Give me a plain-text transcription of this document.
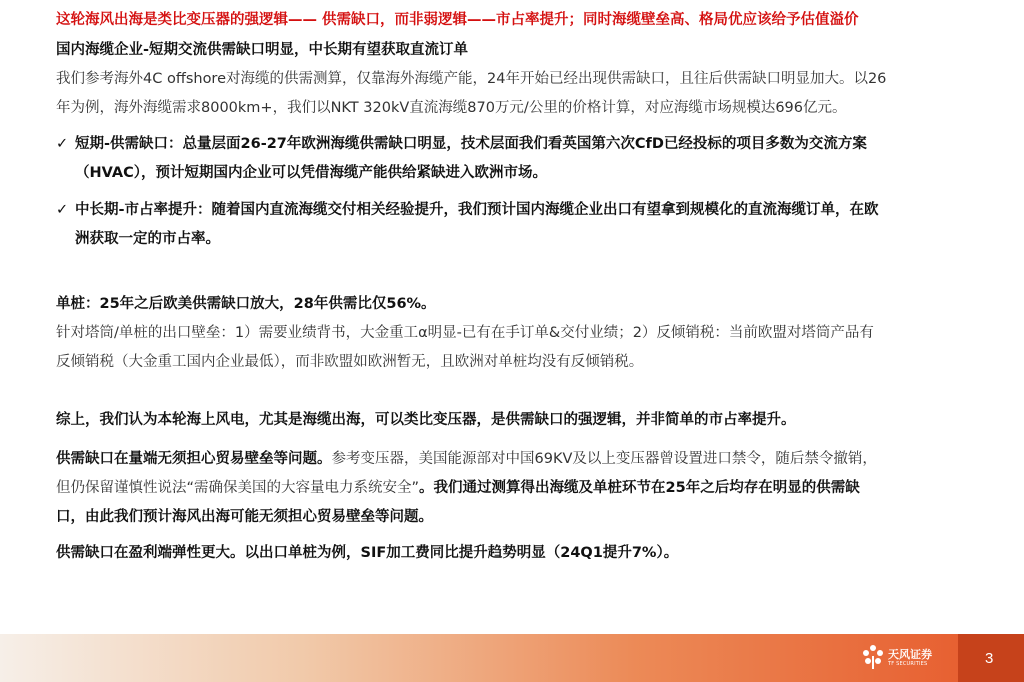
这轮海风出海是类比变压器的强逻辑—— 供需缺口，而非弱逻辑——市占率提升；同时海缆壁垒高、格局优应该给予估值溢价
国内海缆企业-短期交流供需缺口明显，中长期有望获取直流订单
我们参考海外4C offshore对海缆的供需测算，仅靠海外海缆产能，24年开始已经出现供需缺口，且往后供需缺口明显加大。以26
年为例，海外海缆需求8000km+，我们以NKT 320kV直流海缆870万元/公里的价格计算，对应海缆市场规模达696亿元。
✓ 短期-供需缺口：总量层面26-27年欧洲海缆供需缺口明显，技术层面我们看英国第六次CfD已经投标的项目多数为交流方案
（HVAC），预计短期国内企业可以凭借海缆产能供给紧缺进入欧洲市场。
✓ 中长期-市占率提升：随着国内直流海缆交付相关经验提升，我们预计国内海缆企业出口有望拿到规模化的直流海缆订单，在欧
洲获取一定的市占率。
单桩：25年之后欧美供需缺口放大，28年供需比仅56%。
针对塔筒/单桩的出口壁垒：1）需要业绩背书，大金重工α明显-已有在手订单&交付业绩；2）反倾销税：当前欧盟对塔筒产品有
反倾销税（大金重工国内企业最低），而非欧盟如欧洲暂无，且欧洲对单桩均没有反倾销税。
综上，我们认为本轮海上风电，尤其是海缆出海，可以类比变压器，是供需缺口的强逻辑，并非简单的市占率提升。
供需缺口在量端无须担心贸易壁垒等问题。参考变压器，美国能源部对中国69KV及以上变压器曾设置进口禁令，随后禁令撤销，
但仍保留谨慎性说法“需确保美国的大容量电力系统安全”。我们通过测算得出海缆及单桩环节在25年之后均存在明显的供需缺
口，由此我们预计海风出海可能无须担心贸易壁垒等问题。
供需缺口在盈利端弹性更大。以出口单桩为例，SIF加工费同比提升趋势明显（24Q1提升7%）。
天风证券
TF SECURITIES	3
